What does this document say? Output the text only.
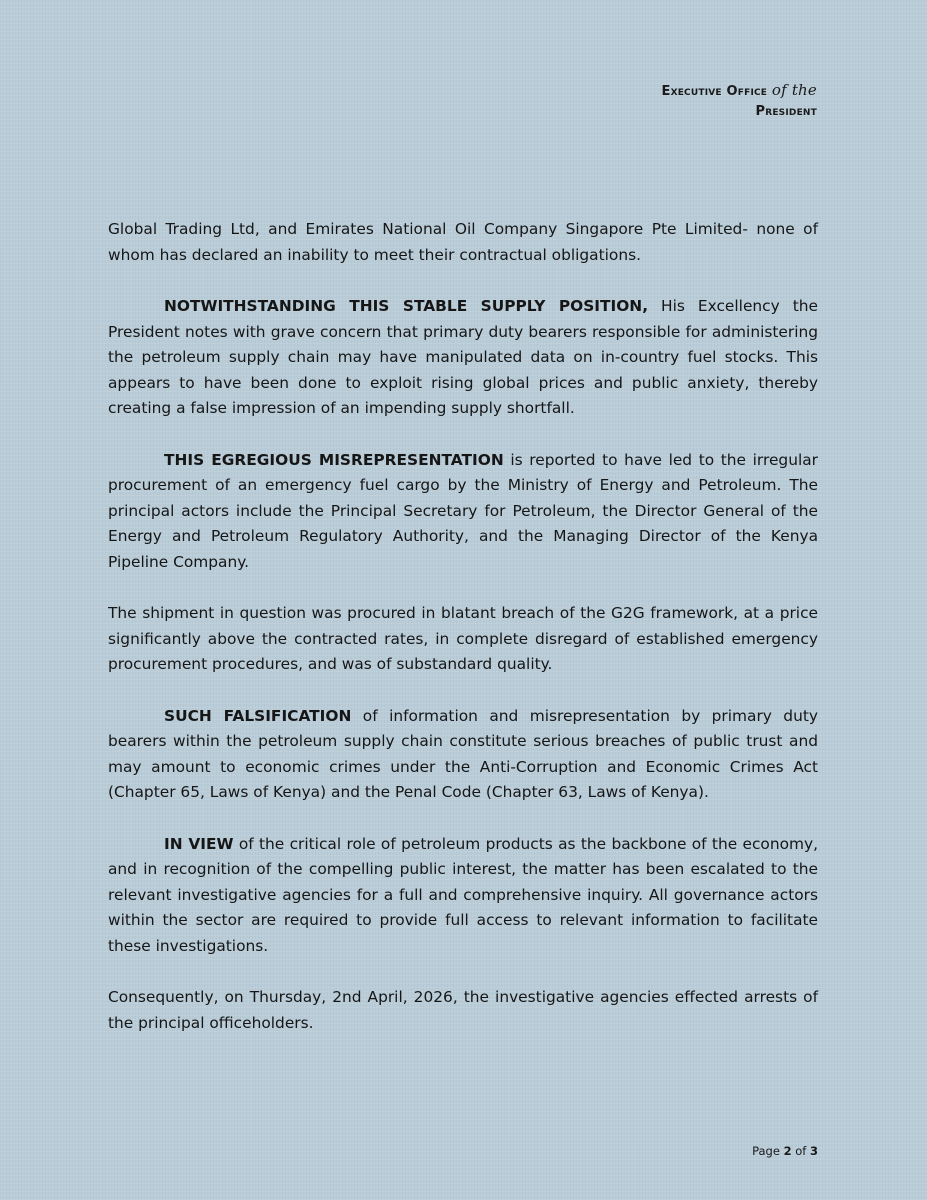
Executive Office of the
President

Global Trading Ltd, and Emirates National Oil Company Singapore Pte Limited- none of whom has declared an inability to meet their contractual obligations.

NOTWITHSTANDING THIS STABLE SUPPLY POSITION, His Excellency the President notes with grave concern that primary duty bearers responsible for administering the petroleum supply chain may have manipulated data on in-country fuel stocks. This appears to have been done to exploit rising global prices and public anxiety, thereby creating a false impression of an impending supply shortfall.

THIS EGREGIOUS MISREPRESENTATION is reported to have led to the irregular procurement of an emergency fuel cargo by the Ministry of Energy and Petroleum. The principal actors include the Principal Secretary for Petroleum, the Director General of the Energy and Petroleum Regulatory Authority, and the Managing Director of the Kenya Pipeline Company.

The shipment in question was procured in blatant breach of the G2G framework, at a price significantly above the contracted rates, in complete disregard of established emergency procurement procedures, and was of substandard quality.

SUCH FALSIFICATION of information and misrepresentation by primary duty bearers within the petroleum supply chain constitute serious breaches of public trust and may amount to economic crimes under the Anti-Corruption and Economic Crimes Act (Chapter 65, Laws of Kenya) and the Penal Code (Chapter 63, Laws of Kenya).

IN VIEW of the critical role of petroleum products as the backbone of the economy, and in recognition of the compelling public interest, the matter has been escalated to the relevant investigative agencies for a full and comprehensive inquiry. All governance actors within the sector are required to provide full access to relevant information to facilitate these investigations.

Consequently, on Thursday, 2nd April, 2026, the investigative agencies effected arrests of the principal officeholders.

Page 2 of 3
